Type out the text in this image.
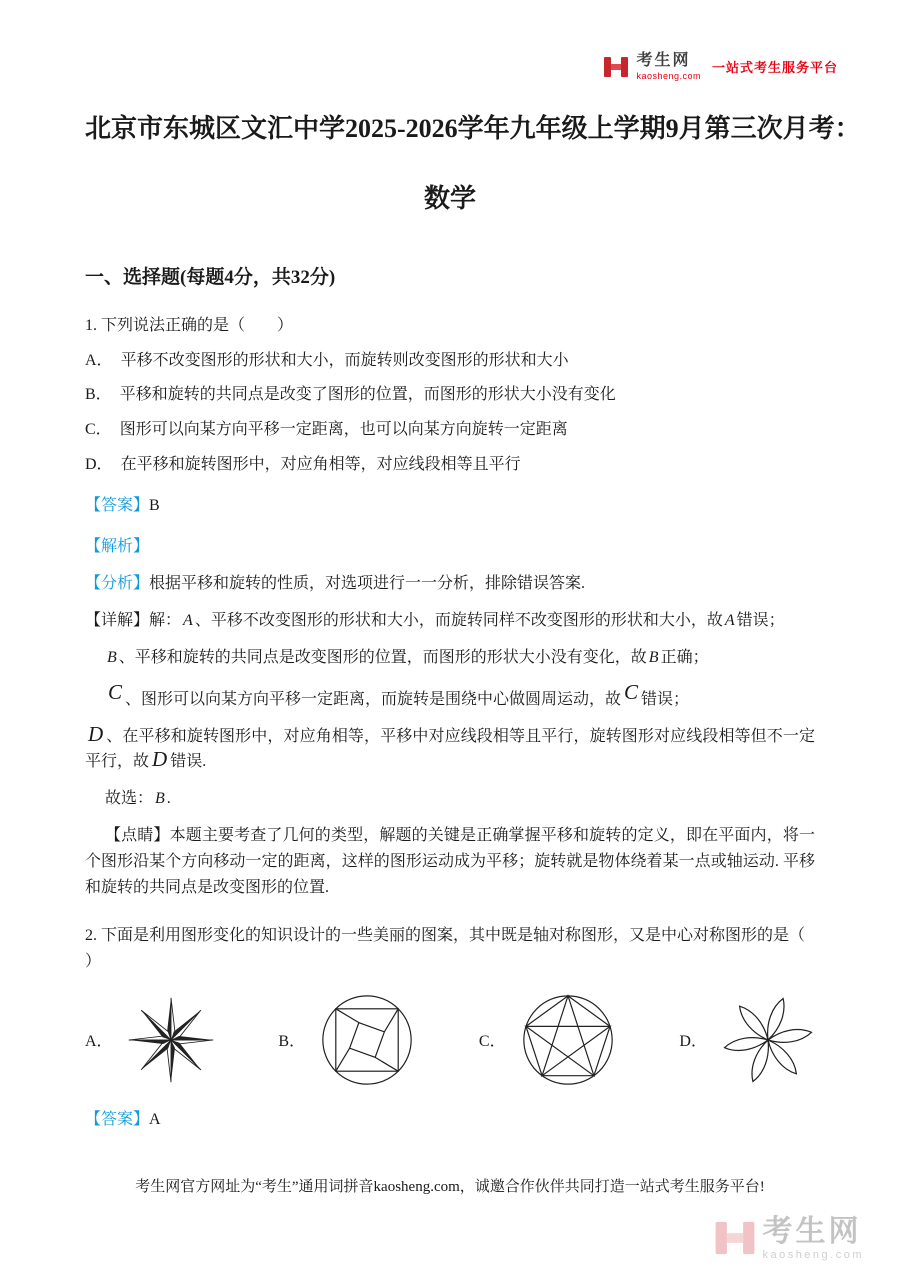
考生网
kaosheng.com
一站式考生服务平台
北京市东城区文汇中学2025-2026学年九年级上学期9月第三次月考：
数学
一、选择题(每题4分，共32分)

1. 下列说法正确的是（　　）

A． 平移不改变图形的形状和大小，而旋转则改变图形的形状和大小

B． 平移和旋转的共同点是改变了图形的位置，而图形的形状大小没有变化

C． 图形可以向某方向平移一定距离，也可以向某方向旋转一定距离

D． 在平移和旋转图形中，对应角相等，对应线段相等且平行

【答案】B

【解析】

【分析】根据平移和旋转的性质，对选项进行一一分析，排除错误答案.

【详解】解： A 、平移不改变图形的形状和大小，而旋转同样不改变图形的形状和大小，故 A 错误；

B 、平移和旋转的共同点是改变图形的位置，而图形的形状大小没有变化，故 B 正确；

C 、图形可以向某方向平移一定距离，而旋转是围绕中心做圆周运动，故 C 错误；

D 、在平移和旋转图形中，对应角相等，平移中对应线段相等且平行，旋转图形对应线段相等但不一定平行，故 D 错误.

故选： B .

【点睛】本题主要考查了几何的类型，解题的关键是正确掌握平移和旋转的定义，即在平面内，将一个图形沿某个方向移动一定的距离，这样的图形运动成为平移；旋转就是物体绕着某一点或轴运动. 平移和旋转的共同点是改变图形的位置.

2. 下面是利用图形变化的知识设计的一些美丽的图案，其中既是轴对称图形，又是中心对称图形的是（
）

A．	B．	C．	D．

【答案】A

考生网官方网址为“考生”通用词拼音kaosheng.com，诚邀合作伙伴共同打造一站式考生服务平台!

考生网
kaosheng.com
